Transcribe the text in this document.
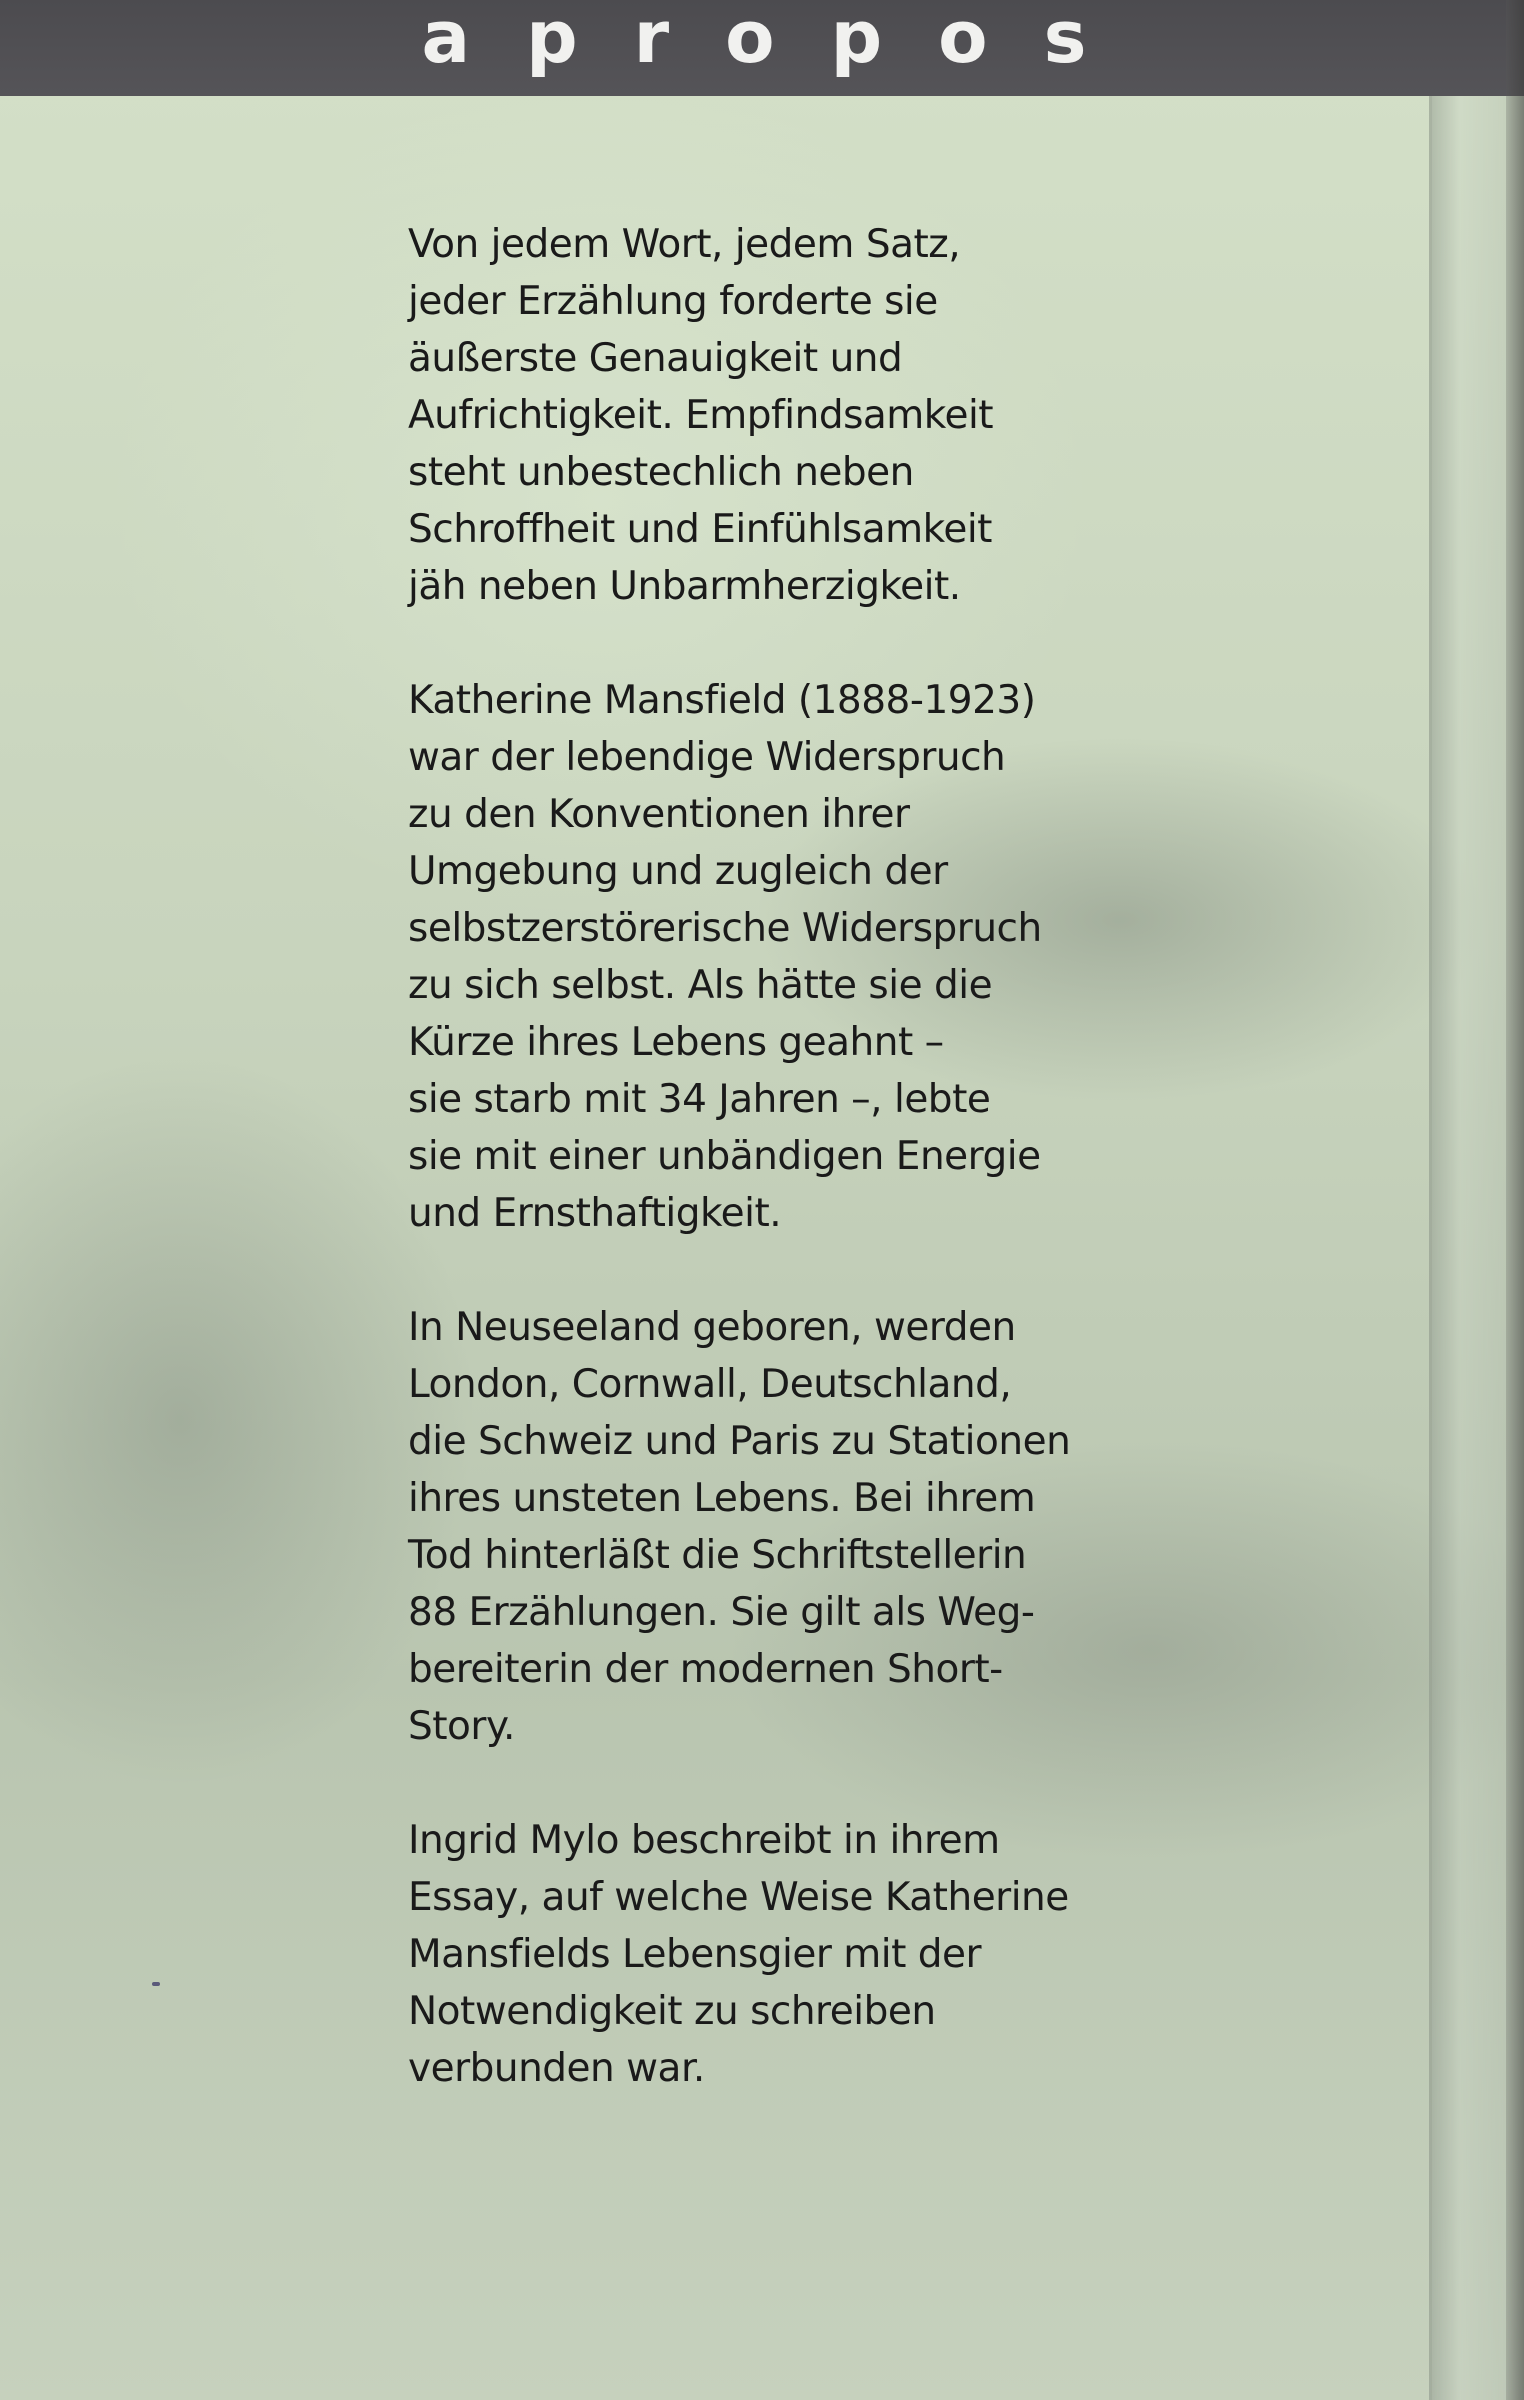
apropos

Von jedem Wort, jedem Satz,
jeder Erzählung forderte sie
äußerste Genauigkeit und
Aufrichtigkeit. Empfindsamkeit
steht unbestechlich neben
Schroffheit und Einfühlsamkeit
jäh neben Unbarmherzigkeit.

Katherine Mansfield (1888-1923)
war der lebendige Widerspruch
zu den Konventionen ihrer
Umgebung und zugleich der
selbstzerstörerische Widerspruch
zu sich selbst. Als hätte sie die
Kürze ihres Lebens geahnt –
sie starb mit 34 Jahren –, lebte
sie mit einer unbändigen Energie
und Ernsthaftigkeit.

In Neuseeland geboren, werden
London, Cornwall, Deutschland,
die Schweiz und Paris zu Stationen
ihres unsteten Lebens. Bei ihrem
Tod hinterläßt die Schriftstellerin
88 Erzählungen. Sie gilt als Weg-
bereiterin der modernen Short-
Story.

Ingrid Mylo beschreibt in ihrem
Essay, auf welche Weise Katherine
Mansfields Lebensgier mit der
Notwendigkeit zu schreiben
verbunden war.
